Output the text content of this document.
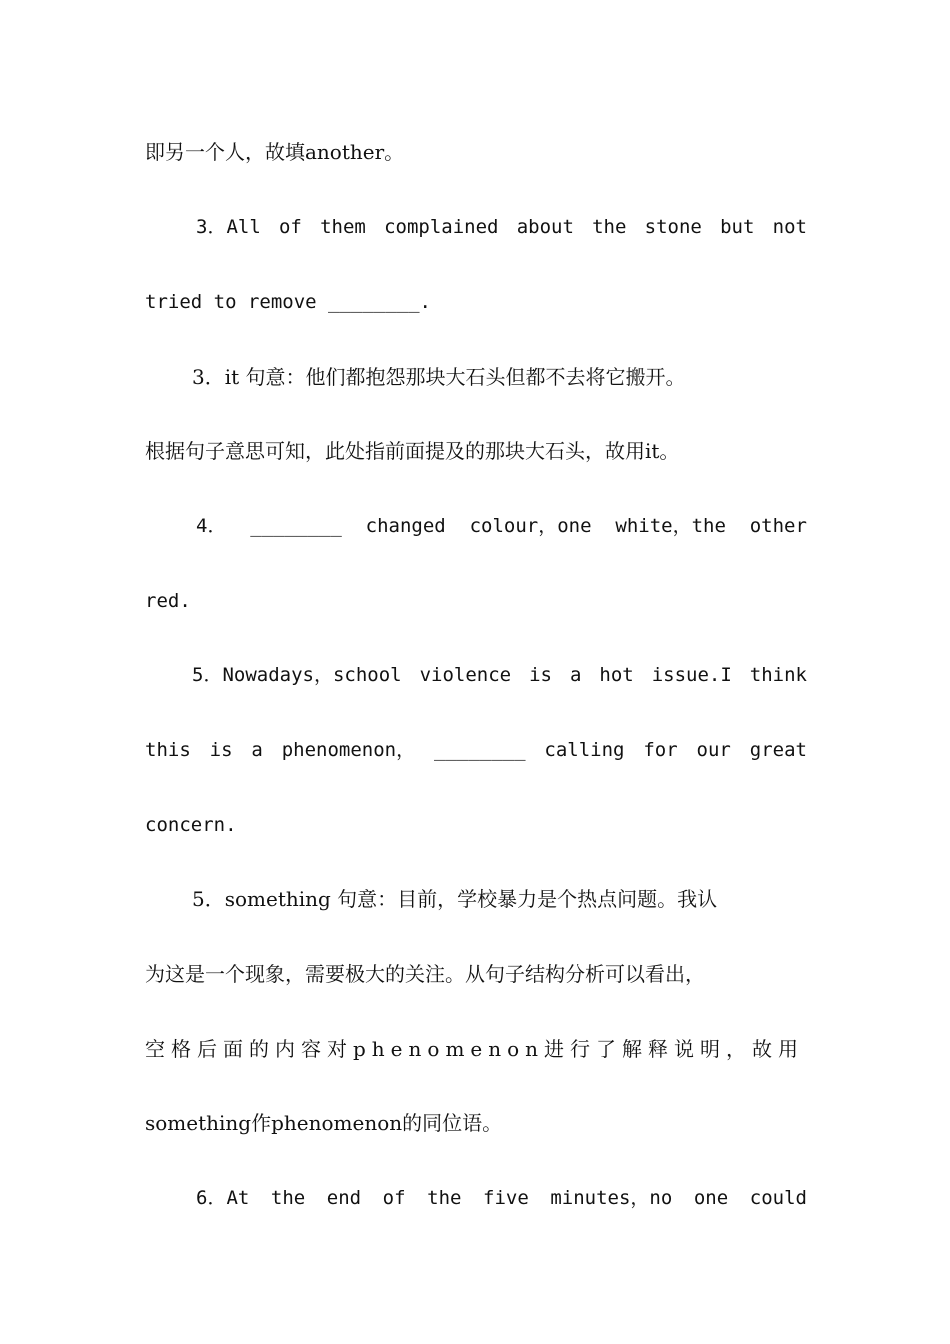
即另一个人，故填another。
3．All of them complained about the stone but not
tried to remove ________.
3．it 句意：他们都抱怨那块大石头但都不去将它搬开。
根据句子意思可知，此处指前面提及的那块大石头，故用it。
4． ________ changed colour，one white，the other
red.
5．Nowadays，school violence is a hot issue.I think
this is a phenomenon， ________ calling for our great
concern.
5．something 句意：目前，学校暴力是个热点问题。我认
为这是一个现象，需要极大的关注。从句子结构分析可以看出，
空格后面的内容对phenomenon进行了解释说明，故用
something作phenomenon的同位语。
6．At the end of the five minutes，no one could
